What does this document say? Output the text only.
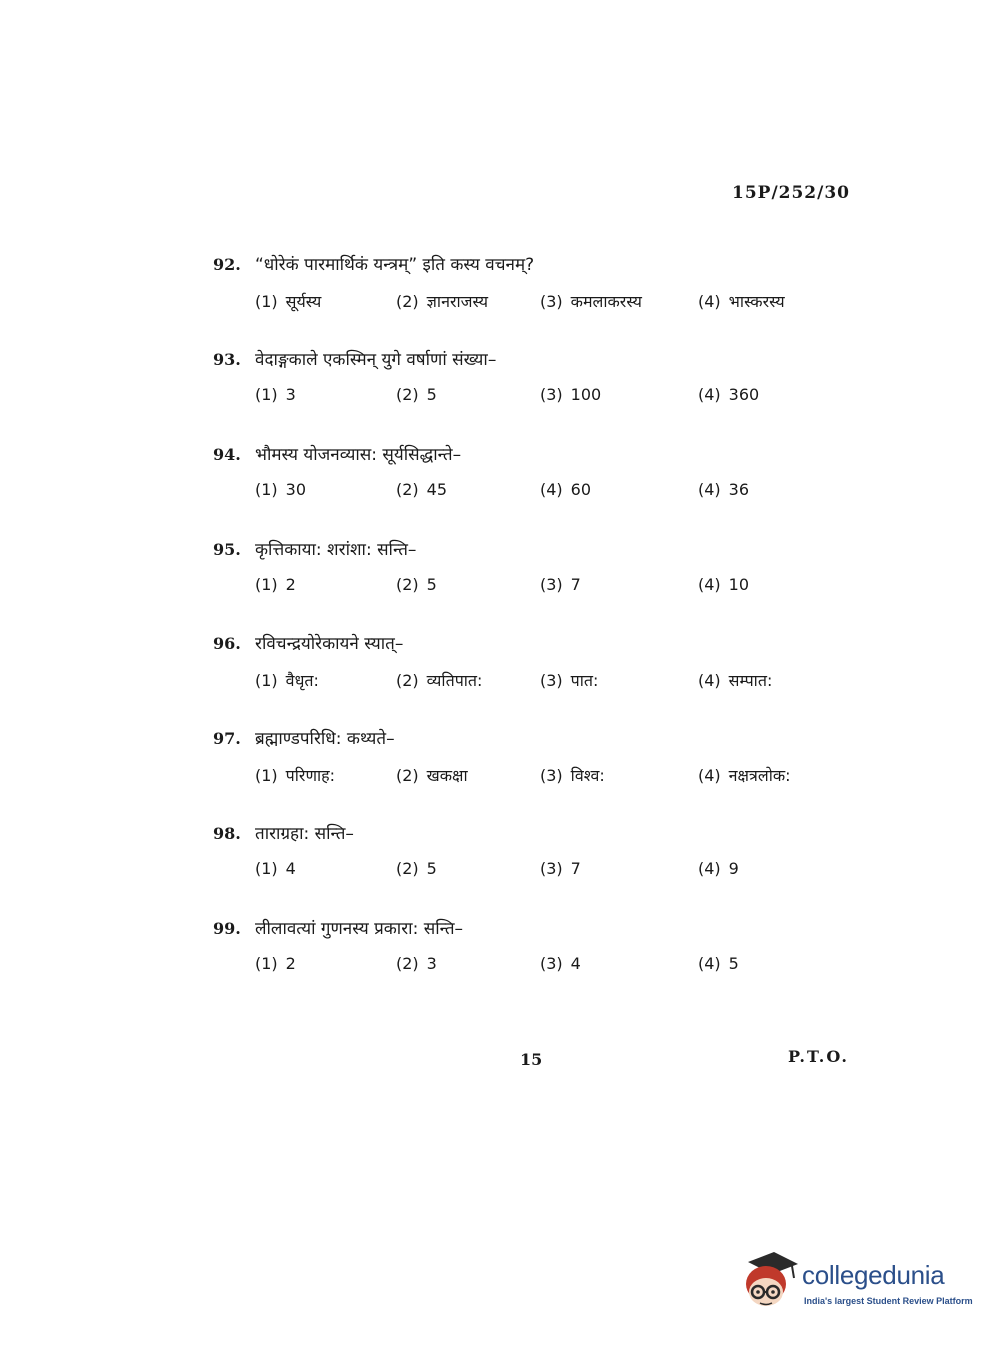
15P/252/30
92. “धोरेकं पारमार्थिकं यन्त्रम्” इति कस्य वचनम्?
(1) सूर्यस्य	(2) ज्ञानराजस्य	(3) कमलाकरस्य	(4) भास्करस्य
93. वेदाङ्गकाले एकस्मिन् युगे वर्षाणां संख्या–
(1) 3	(2) 5	(3) 100	(4) 360
94. भौमस्य योजनव्यास: सूर्यसिद्धान्ते–
(1) 30	(2) 45	(4) 60	(4) 36
95. कृत्तिकाया: शरांशा: सन्ति–
(1) 2	(2) 5	(3) 7	(4) 10
96. रविचन्द्रयोरेकायने स्यात्–
(1) वैधृत:	(2) व्यतिपात:	(3) पात:	(4) सम्पात:
97. ब्रह्माण्डपरिधि: कथ्यते–
(1) परिणाह:	(2) खकक्षा	(3) विश्व:	(4) नक्षत्रलोक:
98. ताराग्रहा: सन्ति–
(1) 4	(2) 5	(3) 7	(4) 9
99. लीलावत्यां गुणनस्य प्रकारा: सन्ति–
(1) 2	(2) 3	(3) 4	(4) 5
15	P.T.O.
collegedunia
India's largest Student Review Platform
